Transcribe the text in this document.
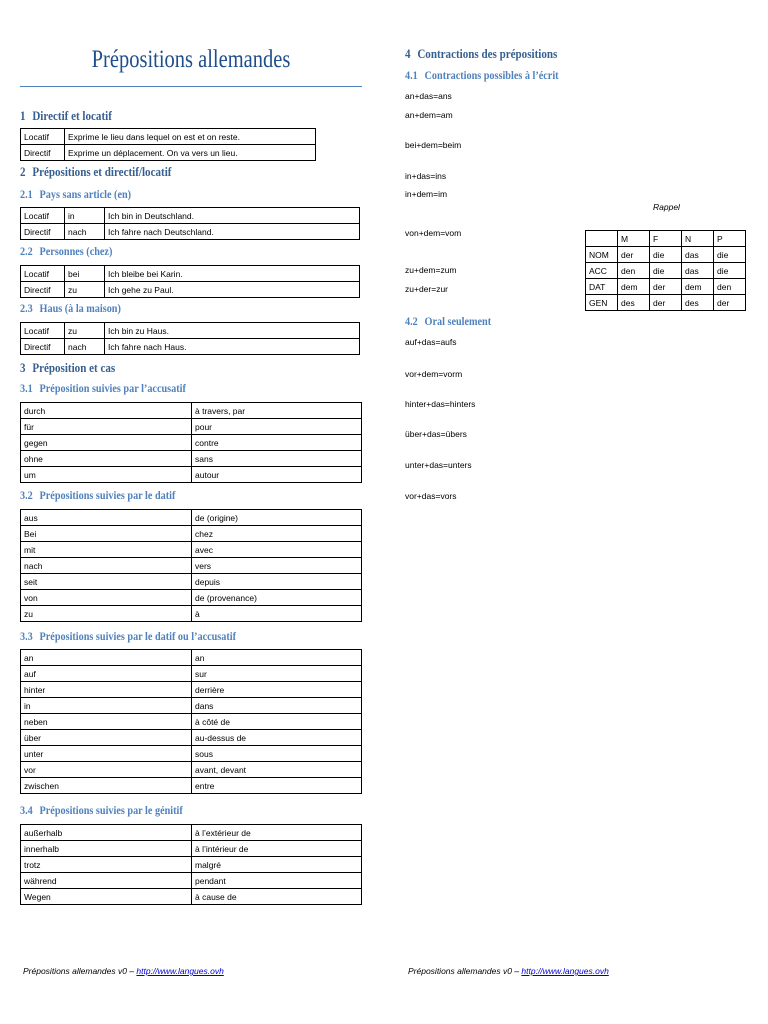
Prépositions allemandes
1 Directif et locatif
Locatif	Exprime le lieu dans lequel on est et on reste.
Directif	Exprime un déplacement. On va vers un lieu.
2 Prépositions et directif/locatif
2.1 Pays sans article (en)
Locatif	in	Ich bin in Deutschland.
Directif	nach	Ich fahre nach Deutschland.
2.2 Personnes (chez)
Locatif	bei	Ich bleibe bei Karin.
Directif	zu	Ich gehe zu Paul.
2.3 Haus (à la maison)
Locatif	zu	Ich bin zu Haus.
Directif	nach	Ich fahre nach Haus.
3 Préposition et cas
3.1 Préposition suivies par l’accusatif
durch	à travers, par
für	pour
gegen	contre
ohne	sans
um	autour
3.2 Prépositions suivies par le datif
aus	de (origine)
Bei	chez
mit	avec
nach	vers
seit	depuis
von	de (provenance)
zu	à
3.3 Prépositions suivies par le datif ou l’accusatif
an	an
auf	sur
hinter	derrière
in	dans
neben	à côté de
über	au-dessus de
unter	sous
vor	avant, devant
zwischen	entre
3.4 Prépositions suivies par le génitif
außerhalb	à l’extérieur de
innerhalb	à l’intérieur de
trotz	malgré
während	pendant
Wegen	à cause de
Prépositions allemandes v0 – http://www.langues.ovh
4 Contractions des prépositions
4.1 Contractions possibles à l’écrit
an+das=ans
an+dem=am
bei+dem=beim
in+das=ins
in+dem=im
von+dem=vom
zu+dem=zum
zu+der=zur
Rappel
	M	F	N	P
NOM	der	die	das	die
ACC	den	die	das	die
DAT	dem	der	dem	den
GEN	des	der	des	der
4.2 Oral seulement
auf+das=aufs
vor+dem=vorm
hinter+das=hinters
über+das=übers
unter+das=unters
vor+das=vors
Prépositions allemandes v0 – http://www.langues.ovh
